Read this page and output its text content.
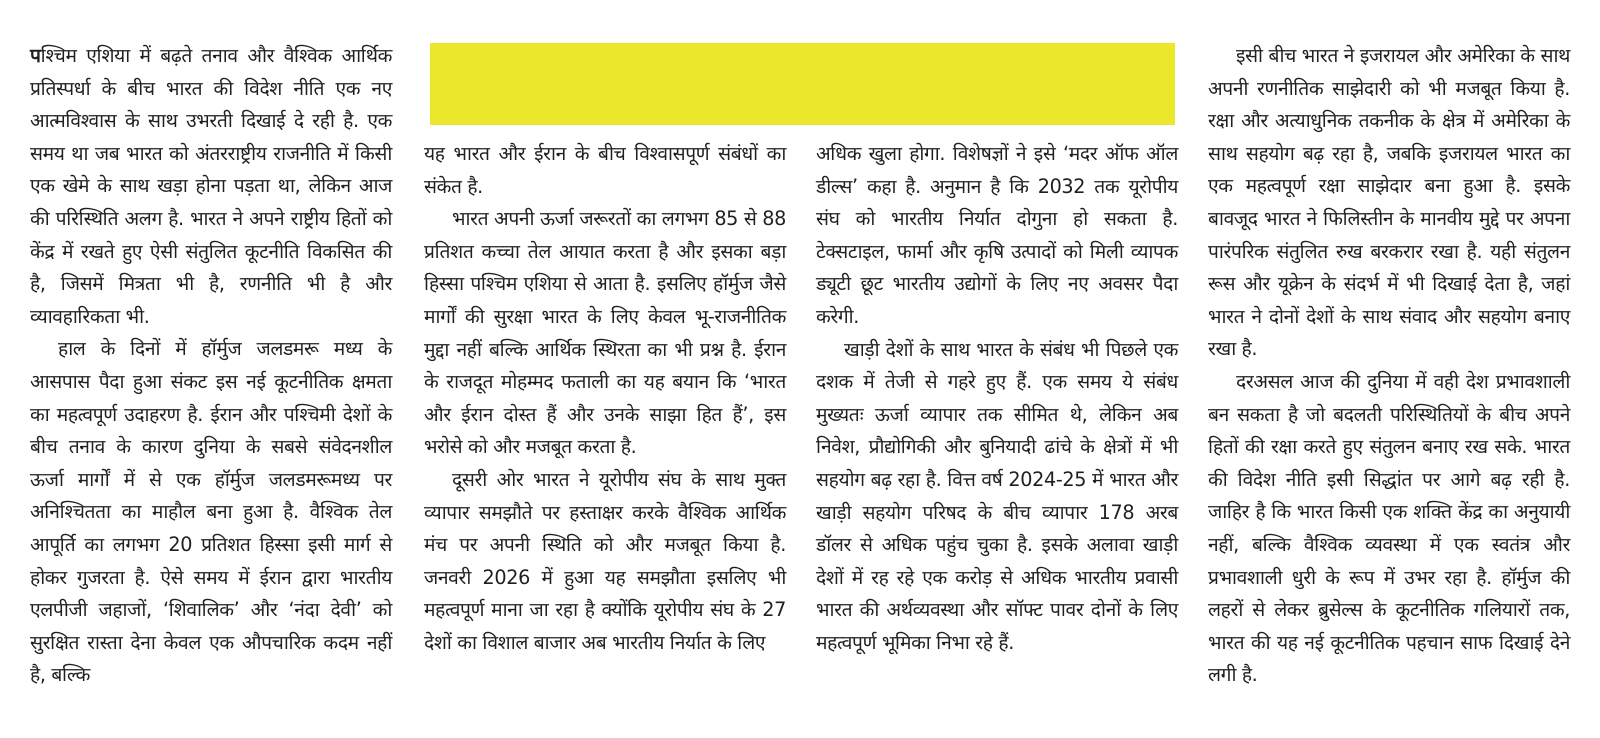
पश्चिम एशिया में बढ़ते तनाव और वैश्विक आर्थिक प्रतिस्पर्धा के बीच भारत की विदेश नीति एक नए आत्मविश्वास के साथ उभरती दिखाई दे रही है. एक समय था जब भारत को अंतरराष्ट्रीय राजनीति में किसी एक खेमे के साथ खड़ा होना पड़ता था, लेकिन आज की परिस्थिति अलग है. भारत ने अपने राष्ट्रीय हितों को केंद्र में रखते हुए ऐसी संतुलित कूटनीति विकसित की है, जिसमें मित्रता भी है, रणनीति भी है और व्यावहारिकता भी.

हाल के दिनों में हॉर्मुज जलडमरू मध्य के आसपास पैदा हुआ संकट इस नई कूटनीतिक क्षमता का महत्वपूर्ण उदाहरण है. ईरान और पश्चिमी देशों के बीच तनाव के कारण दुनिया के सबसे संवेदनशील ऊर्जा मार्गों में से एक हॉर्मुज जलडमरूमध्य पर अनिश्चितता का माहौल बना हुआ है. वैश्विक तेल आपूर्ति का लगभग 20 प्रतिशत हिस्सा इसी मार्ग से होकर गुजरता है. ऐसे समय में ईरान द्वारा भारतीय एलपीजी जहाजों, ‘शिवालिक’ और ‘नंदा देवी’ को सुरक्षित रास्ता देना केवल एक औपचारिक कदम नहीं है, बल्कि

यह भारत और ईरान के बीच विश्वासपूर्ण संबंधों का संकेत है.

भारत अपनी ऊर्जा जरूरतों का लगभग 85 से 88 प्रतिशत कच्चा तेल आयात करता है और इसका बड़ा हिस्सा पश्चिम एशिया से आता है. इसलिए हॉर्मुज जैसे मार्गों की सुरक्षा भारत के लिए केवल भू-राजनीतिक मुद्दा नहीं बल्कि आर्थिक स्थिरता का भी प्रश्न है. ईरान के राजदूत मोहम्मद फताली का यह बयान कि ‘भारत और ईरान दोस्त हैं और उनके साझा हित हैं’, इस भरोसे को और मजबूत करता है.

दूसरी ओर भारत ने यूरोपीय संघ के साथ मुक्त व्यापार समझौते पर हस्ताक्षर करके वैश्विक आर्थिक मंच पर अपनी स्थिति को और मजबूत किया है. जनवरी 2026 में हुआ यह समझौता इसलिए भी महत्वपूर्ण माना जा रहा है क्योंकि यूरोपीय संघ के 27 देशों का विशाल बाजार अब भारतीय निर्यात के लिए

अधिक खुला होगा. विशेषज्ञों ने इसे ‘मदर ऑफ ऑल डील्स’ कहा है. अनुमान है कि 2032 तक यूरोपीय संघ को भारतीय निर्यात दोगुना हो सकता है. टेक्सटाइल, फार्मा और कृषि उत्पादों को मिली व्यापक ड्यूटी छूट भारतीय उद्योगों के लिए नए अवसर पैदा करेगी.

खाड़ी देशों के साथ भारत के संबंध भी पिछले एक दशक में तेजी से गहरे हुए हैं. एक समय ये संबंध मुख्यतः ऊर्जा व्यापार तक सीमित थे, लेकिन अब निवेश, प्रौद्योगिकी और बुनियादी ढांचे के क्षेत्रों में भी सहयोग बढ़ रहा है. वित्त वर्ष 2024-25 में भारत और खाड़ी सहयोग परिषद के बीच व्यापार 178 अरब डॉलर से अधिक पहुंच चुका है. इसके अलावा खाड़ी देशों में रह रहे एक करोड़ से अधिक भारतीय प्रवासी भारत की अर्थव्यवस्था और सॉफ्ट पावर दोनों के लिए महत्वपूर्ण भूमिका निभा रहे हैं.

इसी बीच भारत ने इजरायल और अमेरिका के साथ अपनी रणनीतिक साझेदारी को भी मजबूत किया है. रक्षा और अत्याधुनिक तकनीक के क्षेत्र में अमेरिका के साथ सहयोग बढ़ रहा है, जबकि इजरायल भारत का एक महत्वपूर्ण रक्षा साझेदार बना हुआ है. इसके बावजूद भारत ने फिलिस्तीन के मानवीय मुद्दे पर अपना पारंपरिक संतुलित रुख बरकरार रखा है. यही संतुलन रूस और यूक्रेन के संदर्भ में भी दिखाई देता है, जहां भारत ने दोनों देशों के साथ संवाद और सहयोग बनाए रखा है.

दरअसल आज की दुनिया में वही देश प्रभावशाली बन सकता है जो बदलती परिस्थितियों के बीच अपने हितों की रक्षा करते हुए संतुलन बनाए रख सके. भारत की विदेश नीति इसी सिद्धांत पर आगे बढ़ रही है. जाहिर है कि भारत किसी एक शक्ति केंद्र का अनुयायी नहीं, बल्कि वैश्विक व्यवस्था में एक स्वतंत्र और प्रभावशाली धुरी के रूप में उभर रहा है. हॉर्मुज की लहरों से लेकर ब्रुसेल्स के कूटनीतिक गलियारों तक, भारत की यह नई कूटनीतिक पहचान साफ दिखाई देने लगी है.
